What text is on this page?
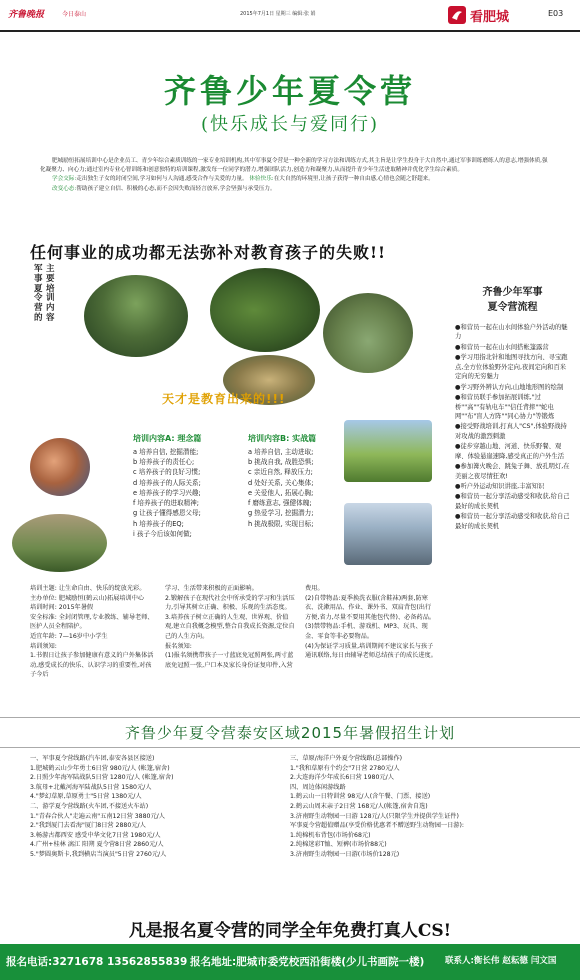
齐鲁晚报	今日泰山	2015年7月1日 星期三 编辑:张 娟	看肥城	E03
齐鲁少年夏令营
(快乐成长与爱同行)

肥城励恒拓展培训中心是企业员工、青少年综合素质训练的一家专业培训机构,其中军事夏令营是一种全新的学习方法和训练方式,其主旨是让学生投身于大自然中,通过军事训练磨练人的意志,增强体质,强化凝聚力、向心力;通过室内专业心智训练和创意独特的培训课程,激发每一位同学的潜力,增强团队活力,创造力和凝聚力,从而提升青少年生活进取精神并优化学生综合素质。

学会交际:走出独生子女的封闭空间,学习如何与人沟通,感受合作与关爱的力量。 体验快乐:在大自然的环境里,让孩子获得一种自由感,心情也会随之舒超来。

改变心态:帮助孩子建立自信、积极的心态,而不会因失败而轻言放弃,学会坚强与承受压力。

任何事业的成功都无法弥补对教育孩子的失败!!
军事夏令营的主要培训内容
天才是教育出来的!!!
培训内容A: 理念篇
a 培养自信, 挖掘潜能;
b 培养孩子的责任心;
c 培养孩子的良好习惯;
d 培养孩子的人际关系;
e 培养孩子的学习兴趣;
f 培养孩子的进取精神;
g 让孩子懂得感恩父母;
h 培养孩子的EQ;
i 孩子今后该如何做;
培训内容B: 实战篇
a 培养自信, 主动进取;
b 挑战自我, 战胜恐惧;
c 亲近自然, 释放压力;
d 处好关系, 关心集体;
e 关爱他人, 拓展心胸;
f 磨练意志, 强健体魄;
g 热爱学习, 挖掘潜力;
h 挑战极限, 实现目标;
齐鲁少年军事
夏令营流程
●和营员一起在山水间体验户外活动的魅力
●和营员一起在山水间搭帐篷露营
●学习用指北针和地图寻找方向、寻宝跑点,全方位体验野外定向,夜间定向和百米定向的无穷魅力
●学习野外辨认方向,山地地形图的绘制
●和营员联手参加拓展训练,"过桥""高""有轨电车""信任背摔""蛇电网""布"盲人方阵""同心协力"等锻炼
●接受野战培训,打真人"CS",体验野战持对攻战的激烈刺激
●徒步穿越山地、河道、快乐野餐、观摩、体验悬崖速降,感受真正的户外生活
●参加篝火晚会、跳兔子舞、放孔明灯,在美丽之夜尽情狂欢!
●听户外运动知识讲座,丰富知识
●和营员一起分享活动感受和收获,给自己最好的成长契机
●和营员一起分享活动感受和收获,给自己最好的成长契机

培训主题: 让生命自由、快乐的绽放光彩。

主办单位: 肥城励恒(鹤云山)拓展培训中心

培训时间: 2015年暑假

安全标准: 全封闭管理,专业教练、辅导老师、医护人员全程陪护。

适宜年龄: 7—16岁中小学生

培训须知:

1.书假日让孩子参加健康有意义的户外集体活动,感受成长的快乐、认识学习的重要性,对孩子今后

学习、生活带来积极的正面影响。

2.锻解孩子在现代社会中所承受的学习和生活压力,引导其树立正确、积极、乐观的生活态度。

3.培养孩子树立正确的人生观、世界观、价值观,建立自我概念模型,整合自我成长资源,定位自己的人生方向。

报名须知:

(1)报名须携带孩子一寸蓝底免冠照两张,两寸蓝底免冠照一张,户口本及家长身份证复印件,入营

费用。

(2)自带物品:夏季换洗衣服(含鞋袜)两套,防寒衣、洗漱用品、作业、课外书、双肩背包(出行方便,省力,尽量不要用其他包代替)、必备药品。

(3)禁带物品:手机、游戏机、MP3、玩具、现金、零食等非必要物品。

(4)为保证学习质量,培训期间不建议家长与孩子通讯联络,每日由辅导老师总结孩子的成长进度。

齐鲁少年夏令营泰安区域2015年暑假招生计划
一、军事夏令营线路(汽车团,泰安各县区接送)
1.肥城鹤云山少年勇士6日营 980元/人 (帐篷,宿舍)
2.日照少年海军陆战队5日营 1280元/人 (帐篷,宿舍)
3.航母+北戴河海军陆战队5日营 1580元/人
4."梦幻草原,草原勇士"5日营 1380元/人
二、游学夏令营线路(火车团,不接送火车站)
1."青春合伙人"走遍云南"五南12日营 3880元/人
2."我到厦门去看海"厦门8日营 2880元/人
3.畅游古都西安 感受中华文化7日营 1980元/人
4.广州+桂林 漓江 阳朔 夏令营8日营 2860元/人
5."梦圆奥斯卡,我到横店当演员"5日营 2760元/人
三、草原/海洋户外夏令营线路(总部操作)
1."我和草原有个约会"7日营 2780元/人
2.大连海洋少年成长6日营 1980元/人
四、周边体闲游线路
1.鹤云山一日特训营 98元/人(含午餐、门票、接送)
2.鹤云山周末亲子2日营 168元/人(帐篷,宿舍自选)
3.济南野生动物园一日游 128元/人(只限学生并提供学生证件)
军事夏令营超值赠品(享受价格优惠者不赠送野生动物园一日游):
1.纯棉机布背包(市场价68元)
2.纯棉迷彩T恤、短裤(市场价88元)
3.济南野生动物园一日游(市场价128元)
凡是报名夏令营的同学全年免费打真人CS!
报名电话:3271678 13562855839 报名地址:肥城市委党校西沿街楼(少儿书画院一楼) 联系人:衡长伟 赵耘德 闫文国
